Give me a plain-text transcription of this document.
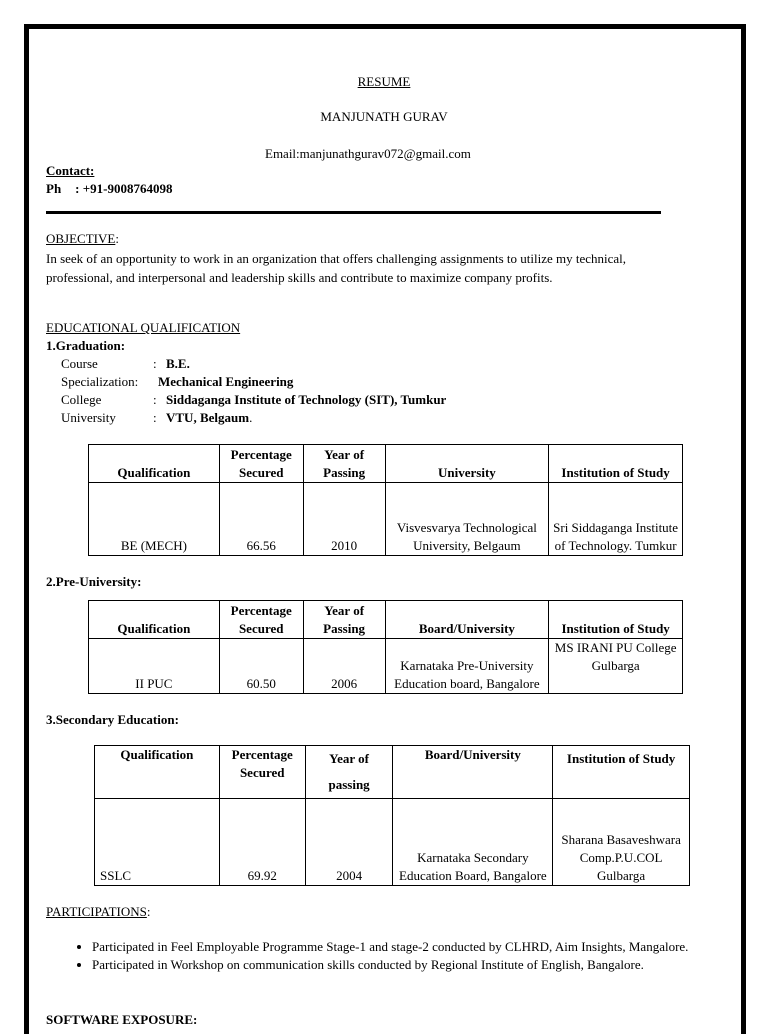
RESUME
MANJUNATH GURAV
Email:manjunathgurav072@gmail.com
Contact:
Ph : +91-9008764098
OBJECTIVE:
In seek of an opportunity to work in an organization that offers challenging assignments to utilize my technical, professional, and interpersonal and leadership skills and contribute to maximize company profits.
EDUCATIONAL QUALIFICATION
1.Graduation:
Course	: B.E.
Specialization: Mechanical Engineering
College	: Siddaganga Institute of Technology (SIT), Tumkur
University	: VTU, Belgaum.
Qualification	Percentage Secured	Year of Passing	University	Institution of Study
BE (MECH)	66.56	2010	Visvesvarya Technological University, Belgaum	Sri Siddaganga Institute of Technology. Tumkur
2.Pre-University:
Qualification	Percentage Secured	Year of Passing	Board/University	Institution of Study
II PUC	60.50	2006	Karnataka Pre-University Education board, Bangalore	MS IRANI PU College Gulbarga
3.Secondary Education:
Qualification	Percentage Secured	Year of passing	Board/University	Institution of Study
SSLC	69.92	2004	Karnataka Secondary Education Board, Bangalore	Sharana Basaveshwara Comp.P.U.COL Gulbarga
PARTICIPATIONS:
• Participated in Feel Employable Programme Stage-1 and stage-2 conducted by CLHRD, Aim Insights, Mangalore.
• Participated in Workshop on communication skills conducted by Regional Institute of English, Bangalore.
SOFTWARE EXPOSURE:
